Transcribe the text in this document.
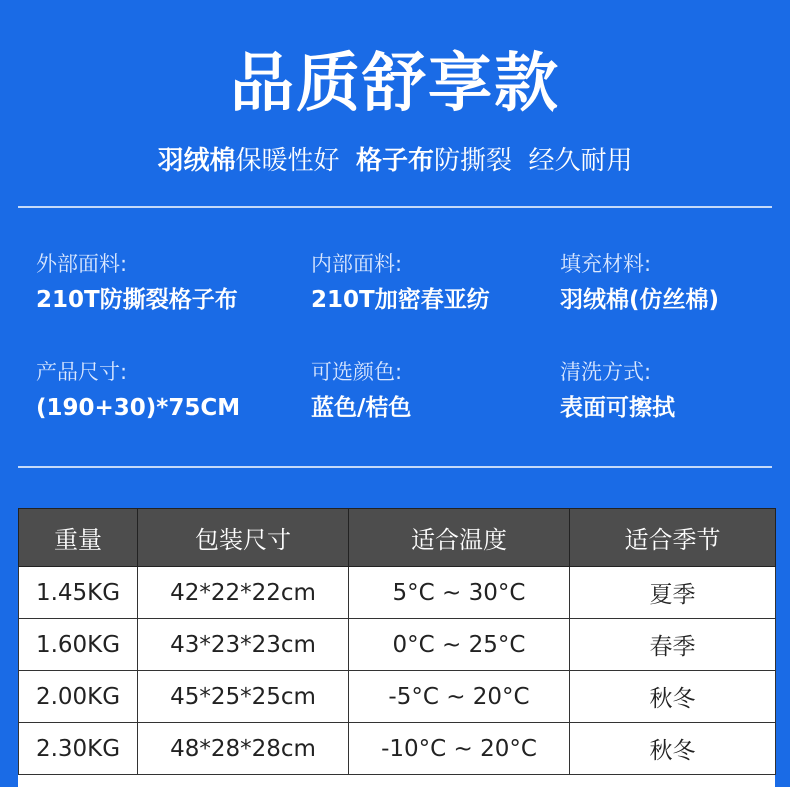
品质舒享款
羽绒棉保暖性好  格子布防撕裂  经久耐用
外部面料:
210T防撕裂格子布
内部面料:
210T加密春亚纺
填充材料:
羽绒棉(仿丝棉)
产品尺寸:
(190+30)*75CM
可选颜色:
蓝色/桔色
清洗方式:
表面可擦拭
重量	包装尺寸	适合温度	适合季节
1.45KG	42*22*22cm	5°C ~ 30°C	夏季
1.60KG	43*23*23cm	0°C ~ 25°C	春季
2.00KG	45*25*25cm	-5°C ~ 20°C	秋冬
2.30KG	48*28*28cm	-10°C ~ 20°C	秋冬
